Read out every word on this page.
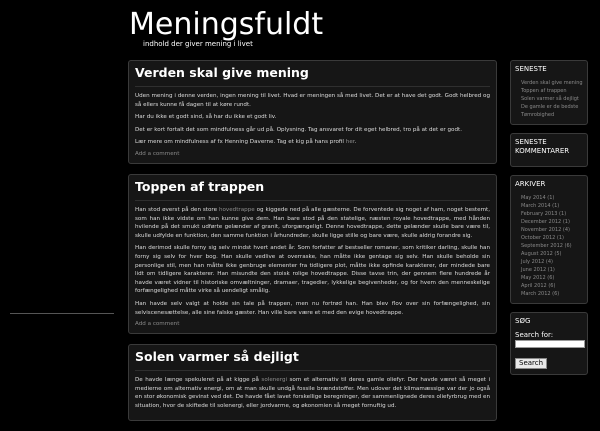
Meningsfuldt
indhold der giver mening i livet
Verden skal give mening

Uden mening i denne verden, ingen mening til livet. Hvad er meningen så med livet. Det er at have det godt. Godt helbred og så ellers kunne få dagen til at køre rundt.

Har du ikke et godt sind, så har du ikke et godt liv.

Det er kort fortalt det som mindfulness går ud på. Oplysning. Tag ansvaret for dit eget helbred, tro på at det er godt.

Lær mere om mindfulness af fx Henning Daverne. Tag et kig på hans profil her.

Add a comment
Toppen af trappen

Han stod øverst på den store hovedtrappe og kiggede ned på alle gæsterne. De forventede sig noget af ham, noget bestemt, som han ikke vidste om han kunne give dem. Han bare stod på den statelige, næsten royale hovedtrappe, med hånden hvilende på det smukt udførte gelænder af granit, uforgængeligt. Denne hovedtrappe, dette gelænder skulle bare være til, skulle udfylde en funktion, den samme funktion i århundreder, skulle ligge stille og bare være, skulle aldrig forandre sig.

Han derimod skulle forny sig selv mindst hvert andet år. Som forfatter af bestseller romaner, som kritiker darling, skulle han forny sig selv for hver bog. Han skulle vedlive at overraske, han måtte ikke gentage sig selv. Han skulle beholde sin personlige stil, men han måtte ikke genbruge elementer fra tidligere plot, måtte ikke opfinde karakterer, der mindede bare lidt om tidligere karakterer. Han misundte den stoisk rolige hovedtrappe. Disse tavse trin, der gennem flere hundrede år havde været vidner til historiske omvæltninger, dramaer, tragedier, lykkelige begivenheder, og for hvem den menneskelige forfængelighed måtte virke så uendeligt smålig.

Han havde selv valgt at holde sin tale på trappen, men nu fortrød han. Han blev flov over sin forfængelighed, sin selviscenesættelse, alle sine falske gæster. Han ville bare være et med den evige hovedtrappe.

Add a comment
Solen varmer så dejligt

De havde længe spekuleret på at kigge på solenergi som et alternativ til deres gamle oliefyr. Der havde været så meget i medierne om alternativ energi, om at man skulle undgå fossile brændstoffer. Men udover det klimamæssige var der jo også en stor økonomisk gevinst ved det. De havde fået lavet forskellige beregninger, der sammenlignede deres oliefyrbrug med en situation, hvor de skiftede til solenergi, eller jordvarme, og økonomien så meget fornuftig ud.

SENESTE
Verden skal give mening
Toppen af trappen
Solen varmer så dejligt
De gamle er de bedste
Tømrobighed
SENESTE KOMMENTARER
ARKIVER
May 2014 (1)
March 2014 (1)
February 2013 (1)
December 2012 (1)
November 2012 (4)
October 2012 (1)
September 2012 (6)
August 2012 (5)
July 2012 (4)
June 2012 (1)
May 2012 (6)
April 2012 (6)
March 2012 (6)
SØG
Search for:
Search
